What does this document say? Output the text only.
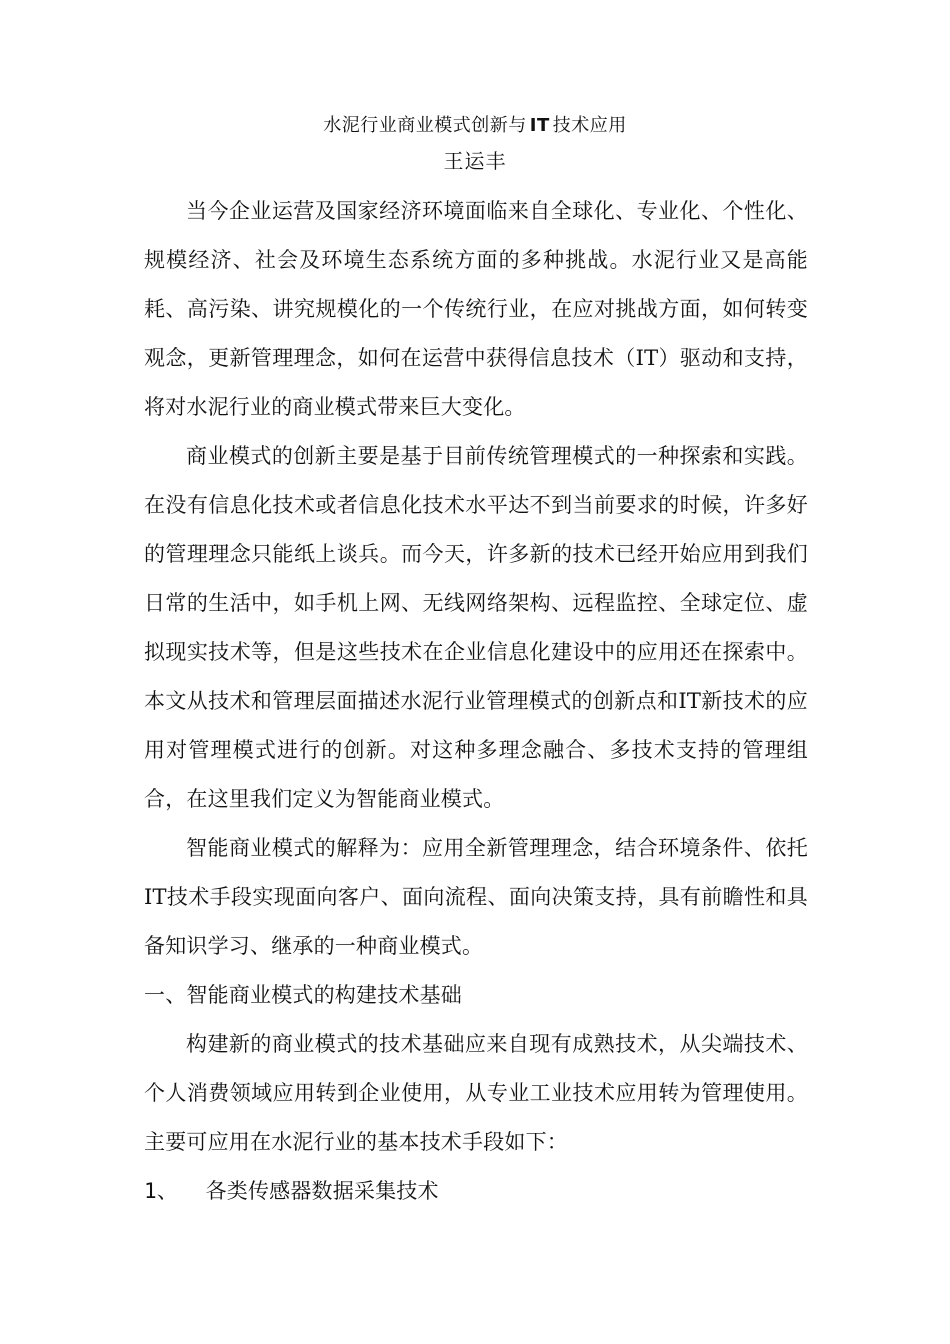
水泥行业商业模式创新与 IT 技术应用
王运丰

当今企业运营及国家经济环境面临来自全球化、专业化、个性化、规模经济、社会及环境生态系统方面的多种挑战。水泥行业又是高能耗、高污染、讲究规模化的一个传统行业，在应对挑战方面，如何转变观念，更新管理理念，如何在运营中获得信息技术（IT）驱动和支持，将对水泥行业的商业模式带来巨大变化。

商业模式的创新主要是基于目前传统管理模式的一种探索和实践。在没有信息化技术或者信息化技术水平达不到当前要求的时候，许多好的管理理念只能纸上谈兵。而今天，许多新的技术已经开始应用到我们日常的生活中，如手机上网、无线网络架构、远程监控、全球定位、虚拟现实技术等，但是这些技术在企业信息化建设中的应用还在探索中。本文从技术和管理层面描述水泥行业管理模式的创新点和IT新技术的应用对管理模式进行的创新。对这种多理念融合、多技术支持的管理组合，在这里我们定义为智能商业模式。

智能商业模式的解释为：应用全新管理理念，结合环境条件、依托IT技术手段实现面向客户、面向流程、面向决策支持，具有前瞻性和具备知识学习、继承的一种商业模式。

一、智能商业模式的构建技术基础

构建新的商业模式的技术基础应来自现有成熟技术，从尖端技术、个人消费领域应用转到企业使用，从专业工业技术应用转为管理使用。主要可应用在水泥行业的基本技术手段如下：

1、 各类传感器数据采集技术
